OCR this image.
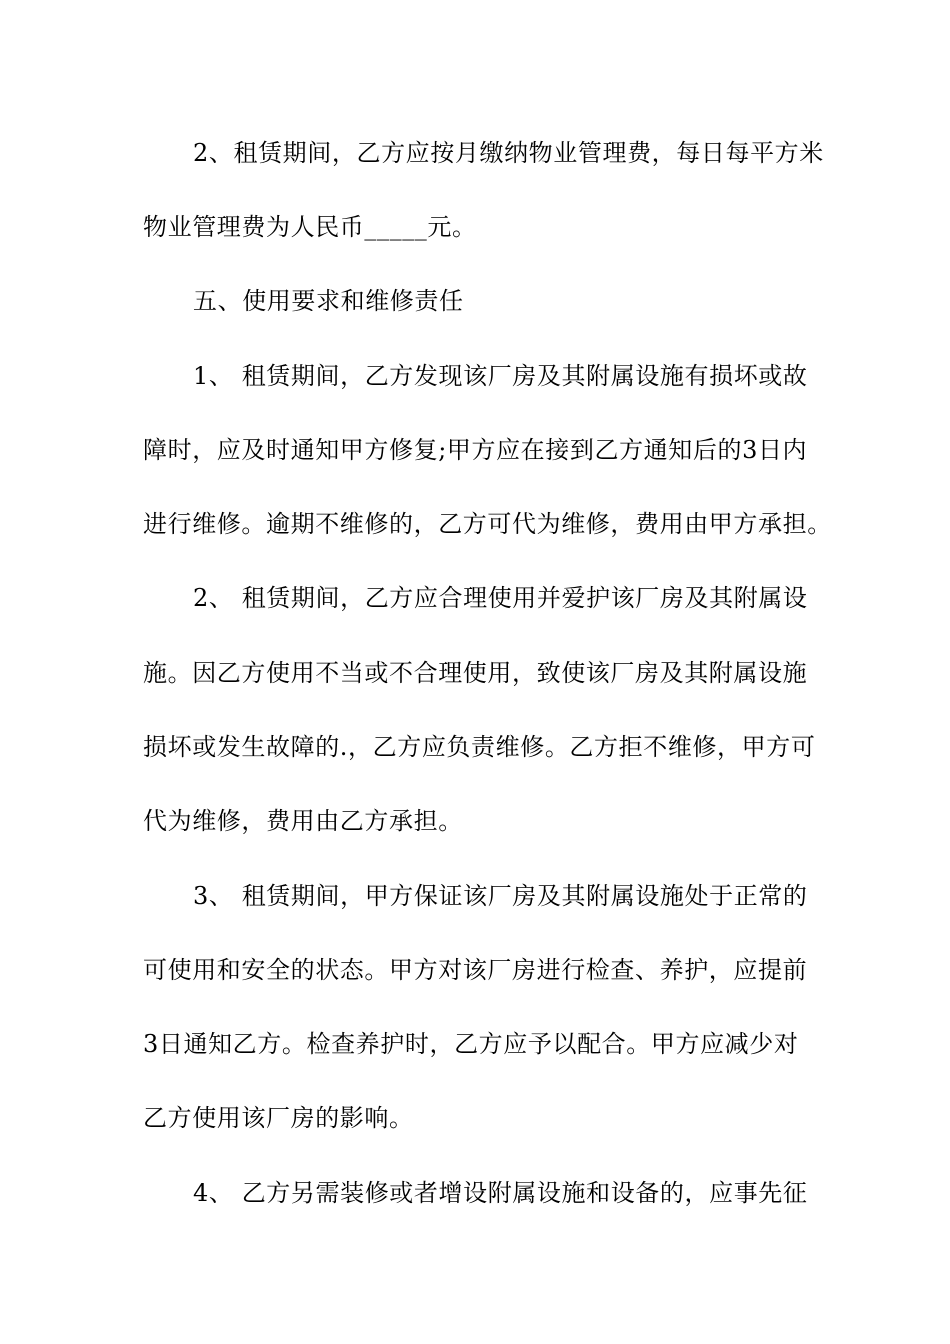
2、租赁期间，乙方应按月缴纳物业管理费，每日每平方米
物业管理费为人民币_____元。
五、使用要求和维修责任
1、 租赁期间，乙方发现该厂房及其附属设施有损坏或故
障时，应及时通知甲方修复;甲方应在接到乙方通知后的3日内
进行维修。逾期不维修的，乙方可代为维修，费用由甲方承担。
2、 租赁期间，乙方应合理使用并爱护该厂房及其附属设
施。因乙方使用不当或不合理使用，致使该厂房及其附属设施
损坏或发生故障的.，乙方应负责维修。乙方拒不维修，甲方可
代为维修，费用由乙方承担。
3、 租赁期间，甲方保证该厂房及其附属设施处于正常的
可使用和安全的状态。甲方对该厂房进行检查、养护，应提前
3日通知乙方。检查养护时，乙方应予以配合。甲方应减少对
乙方使用该厂房的影响。
4、 乙方另需装修或者增设附属设施和设备的，应事先征
